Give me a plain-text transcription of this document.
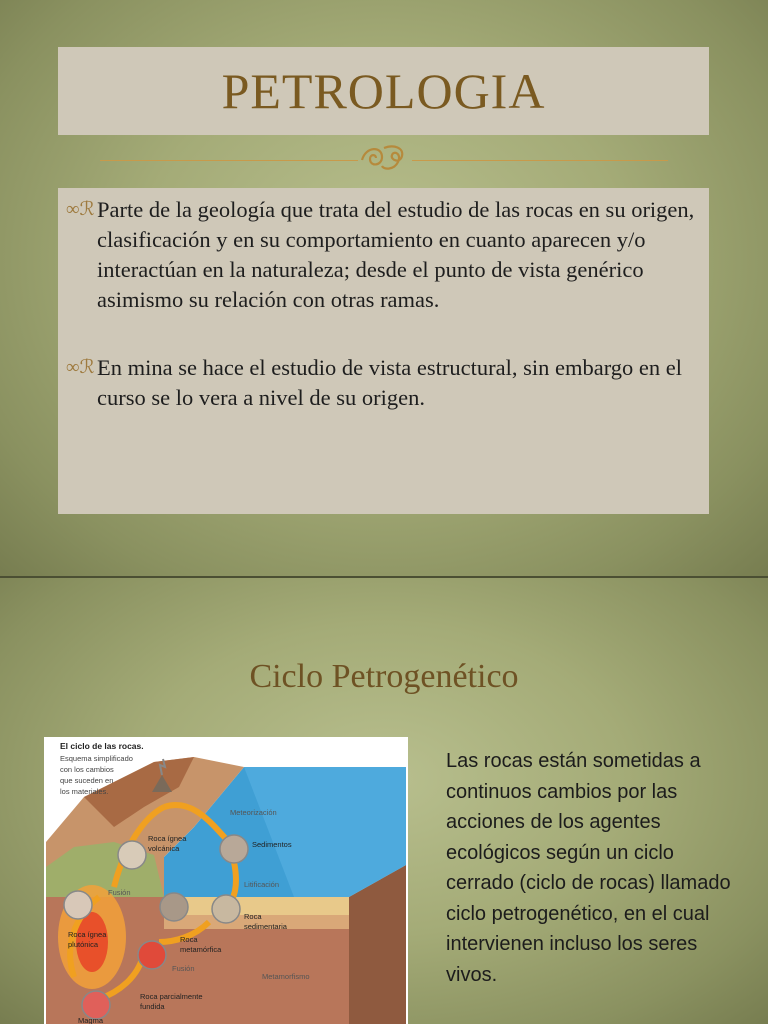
PETROLOGIA
∞ℛ Parte de la geología que trata del estudio de las rocas en su origen, clasificación y en su comportamiento en cuanto aparecen y/o interactúan en la naturaleza; desde el punto de vista genérico asimismo su relación con otras ramas.
∞ℛ En mina se hace el estudio de vista estructural, sin embargo en el curso se lo vera a nivel de su origen.
Ciclo Petrogenético
El ciclo de las rocas.
Esquema simplificado
con los cambios
que suceden en
los materiales.
Meteorización
Sedimentos
Litificación
Roca ígnea
volcánica
Fusión
Roca ígnea
plutónica
Roca
metamórfica
Roca
sedimentaria
Fusión
Metamorfismo
Roca parcialmente
fundida
Magma
Las rocas están sometidas a continuos cambios por las acciones de los agentes ecológicos según un ciclo cerrado (ciclo de rocas) llamado ciclo petrogenético, en el cual intervienen incluso los seres vivos.
